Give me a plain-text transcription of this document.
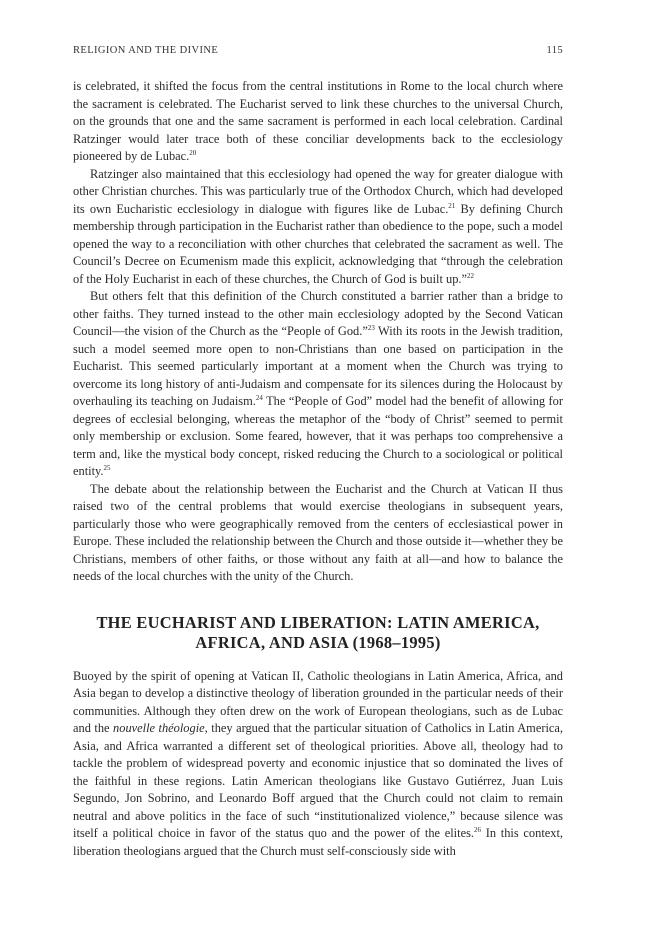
RELIGION AND THE DIVINE	115

is celebrated, it shifted the focus from the central institutions in Rome to the local church where the sacrament is celebrated. The Eucharist served to link these churches to the universal Church, on the grounds that one and the same sacrament is performed in each local celebration. Cardinal Ratzinger would later trace both of these conciliar developments back to the ecclesiology pioneered by de Lubac.$^{20}$

Ratzinger also maintained that this ecclesiology had opened the way for greater dialogue with other Christian churches. This was particularly true of the Orthodox Church, which had developed its own Eucharistic ecclesiology in dialogue with figures like de Lubac.$^{21}$ By defining Church membership through participation in the Eucharist rather than obedience to the pope, such a model opened the way to a reconciliation with other churches that celebrated the sacrament as well. The Council’s Decree on Ecumenism made this explicit, acknowledging that “through the celebration of the Holy Eucharist in each of these churches, the Church of God is built up.”$^{22}$

But others felt that this definition of the Church constituted a barrier rather than a bridge to other faiths. They turned instead to the other main ecclesiology adopted by the Second Vatican Council—the vision of the Church as the “People of God.”$^{23}$ With its roots in the Jewish tradition, such a model seemed more open to non-Christians than one based on participation in the Eucharist. This seemed particularly important at a moment when the Church was trying to overcome its long history of anti-Judaism and compensate for its silences during the Holocaust by overhauling its teaching on Judaism.$^{24}$ The “People of God” model had the benefit of allowing for degrees of ecclesial belonging, whereas the metaphor of the “body of Christ” seemed to permit only membership or exclusion. Some feared, however, that it was perhaps too comprehensive a term and, like the mystical body concept, risked reducing the Church to a sociological or political entity.$^{25}$

The debate about the relationship between the Eucharist and the Church at Vatican II thus raised two of the central problems that would exercise theologians in subsequent years, particularly those who were geographically removed from the centers of ecclesiastical power in Europe. These included the relationship between the Church and those outside it—whether they be Christians, members of other faiths, or those without any faith at all—and how to balance the needs of the local churches with the unity of the Church.

THE EUCHARIST AND LIBERATION: LATIN AMERICA,
AFRICA, AND ASIA (1968–1995)

Buoyed by the spirit of opening at Vatican II, Catholic theologians in Latin America, Africa, and Asia began to develop a distinctive theology of liberation grounded in the particular needs of their communities. Although they often drew on the work of European theologians, such as de Lubac and the nouvelle théologie, they argued that the particular situation of Catholics in Latin America, Asia, and Africa warranted a different set of theological priorities. Above all, theology had to tackle the problem of widespread poverty and economic injustice that so dominated the lives of the faithful in these regions. Latin American theologians like Gustavo Gutiérrez, Juan Luis Segundo, Jon Sobrino, and Leonardo Boff argued that the Church could not claim to remain neutral and above politics in the face of such “institutionalized violence,” because silence was itself a political choice in favor of the status quo and the power of the elites.$^{26}$ In this context, liberation theologians argued that the Church must self-consciously side with
